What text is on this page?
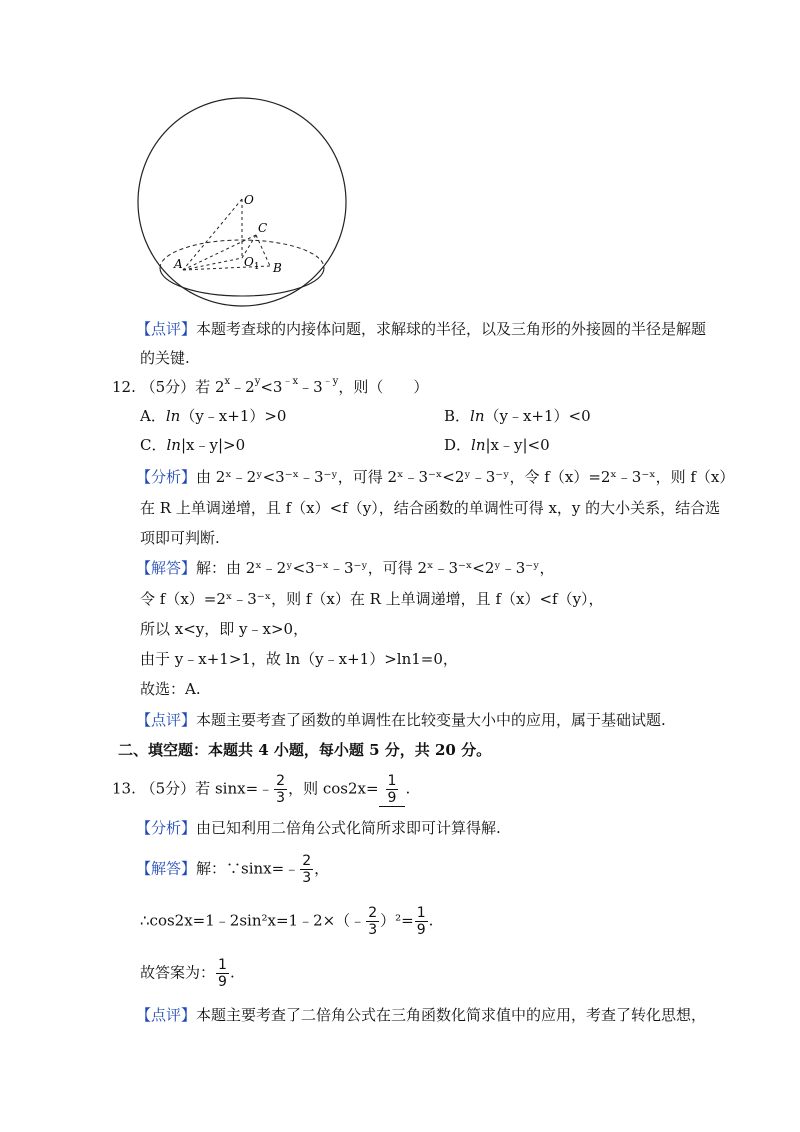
O
C
A	$O_1$ B
【点评】本题考查球的内接体问题，求解球的半径，以及三角形的外接圆的半径是解题
的关键.
12. （5分）若 $2^x﹣2^y<3^{﹣x}﹣3^{﹣y}$，则（　　）
A．ln（y﹣x+1）>0	B．ln（y﹣x+1）<0
C．ln|x﹣y|>0	D．ln|x﹣y|<0
【分析】由 2ˣ﹣2ʸ<3⁻ˣ﹣3⁻ʸ，可得 2ˣ﹣3⁻ˣ<2ʸ﹣3⁻ʸ，令 f（x）=2ˣ﹣3⁻ˣ，则 f（x）
在 R 上单调递增，且 f（x）<f（y），结合函数的单调性可得 x，y 的大小关系，结合选
项即可判断.
【解答】解：由 2ˣ﹣2ʸ<3⁻ˣ﹣3⁻ʸ，可得 2ˣ﹣3⁻ˣ<2ʸ﹣3⁻ʸ，
令 f（x）=2ˣ﹣3⁻ˣ，则 f（x）在 R 上单调递增，且 f（x）<f（y），
所以 x<y，即 y﹣x>0，
由于 y﹣x+1>1，故 ln（y﹣x+1）>ln1=0，
故选：A.
【点评】本题主要考查了函数的单调性在比较变量大小中的应用，属于基础试题.
二、填空题：本题共 4 小题，每小题 5 分，共 20 分。
13. （5分）若 sinx=﹣ $\frac{2}{3}$ ，则 $\cos 2x= \frac{1}{9}$ .
【分析】由已知利用二倍角公式化简所求即可计算得解.
【解答】解：∵sinx=﹣ $\frac{2}{3}$ ，
∴cos2x=1﹣2sin²x=1﹣2×（﹣ $\frac{2}{3} )^2= \frac{1}{9}$ .
故答案为： $\frac{1}{9}$ .
【点评】本题主要考查了二倍角公式在三角函数化简求值中的应用，考查了转化思想，
